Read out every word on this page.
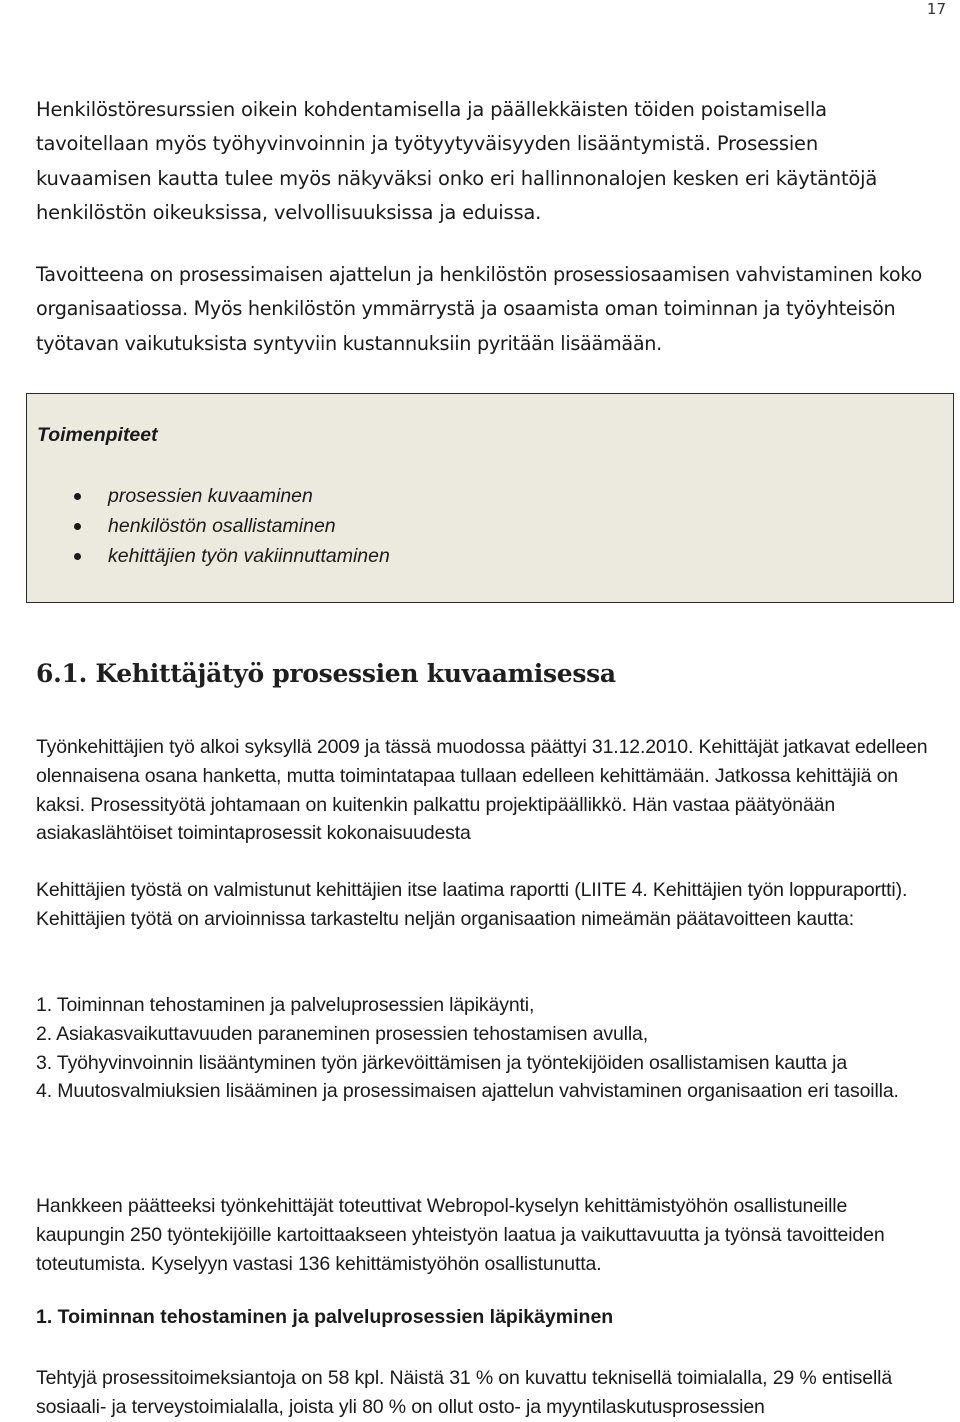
17

Henkilöstöresurssien oikein kohdentamisella ja päällekkäisten töiden poistamisella tavoitellaan myös työhyvinvoinnin ja työtyytyväisyyden lisääntymistä. Prosessien kuvaamisen kautta tulee myös näkyväksi onko eri hallinnonalojen kesken eri käytäntöjä henkilöstön oikeuksissa, velvollisuuksissa ja eduissa.

Tavoitteena on prosessimaisen ajattelun ja henkilöstön prosessiosaamisen vahvistaminen koko organisaatiossa. Myös henkilöstön ymmärrystä ja osaamista oman toiminnan ja työyhteisön työtavan vaikutuksista syntyviin kustannuksiin pyritään lisäämään.

Toimenpiteet

prosessien kuvaaminen
henkilöstön osallistaminen
kehittäjien työn vakiinnuttaminen
6.1. Kehittäjätyö prosessien kuvaamisessa

Työnkehittäjien työ alkoi syksyllä 2009 ja tässä muodossa päättyi 31.12.2010. Kehittäjät jatkavat edelleen olennaisena osana hanketta, mutta toimintatapaa tullaan edelleen kehittämään. Jatkossa kehittäjiä on kaksi. Prosessityötä johtamaan on kuitenkin palkattu projektipäällikkö. Hän vastaa päätyönään asiakaslähtöiset toimintaprosessit kokonaisuudesta

Kehittäjien työstä on valmistunut kehittäjien itse laatima raportti (LIITE 4. Kehittäjien työn loppuraportti). Kehittäjien työtä on arvioinnissa tarkasteltu neljän organisaation nimeämän päätavoitteen kautta:

1. Toiminnan tehostaminen ja palveluprosessien läpikäynti,
2. Asiakasvaikuttavuuden paraneminen prosessien tehostamisen avulla,
3. Työhyvinvoinnin lisääntyminen työn järkevöittämisen ja työntekijöiden osallistamisen kautta ja
4. Muutosvalmiuksien lisääminen ja prosessimaisen ajattelun vahvistaminen organisaation eri tasoilla.

Hankkeen päätteeksi työnkehittäjät toteuttivat Webropol-kyselyn kehittämistyöhön osallistuneille kaupungin 250 työntekijöille kartoittaakseen yhteistyön laatua ja vaikuttavuutta ja työnsä tavoitteiden toteutumista. Kyselyyn vastasi 136 kehittämistyöhön osallistunutta.

1. Toiminnan tehostaminen ja palveluprosessien läpikäyminen

Tehtyjä prosessitoimeksiantoja on 58 kpl. Näistä 31 % on kuvattu teknisellä toimialalla, 29 % entisellä sosiaali- ja terveystoimialalla, joista yli 80 % on ollut osto- ja myyntilaskutusprosessien
